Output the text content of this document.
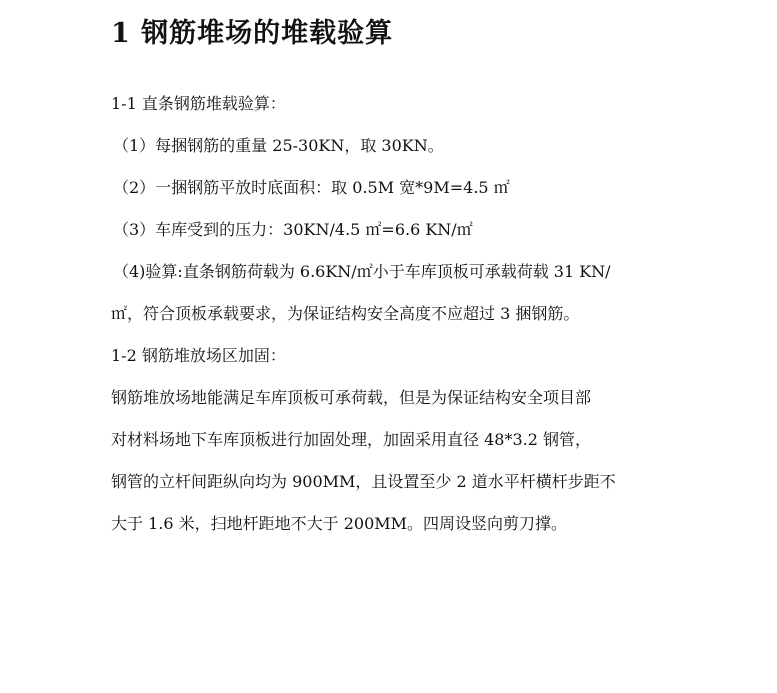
1 钢筋堆场的堆载验算
1-1 直条钢筋堆载验算：
（1）每捆钢筋的重量 25-30KN，取 30KN。
（2）一捆钢筋平放时底面积：取 0.5M 宽*9M=4.5 ㎡
（3）车库受到的压力：30KN/4.5 ㎡=6.6 KN/㎡
（4)验算:直条钢筋荷载为 6.6KN/㎡小于车库顶板可承载荷载 31 KN/
㎡，符合顶板承载要求，为保证结构安全高度不应超过 3 捆钢筋。
1-2 钢筋堆放场区加固：
钢筋堆放场地能满足车库顶板可承荷载，但是为保证结构安全项目部
对材料场地下车库顶板进行加固处理，加固采用直径 48*3.2 钢管，
钢管的立杆间距纵向均为 900MM，且设置至少 2 道水平杆横杆步距不
大于 1.6 米，扫地杆距地不大于 200MM。四周设竖向剪刀撑。
